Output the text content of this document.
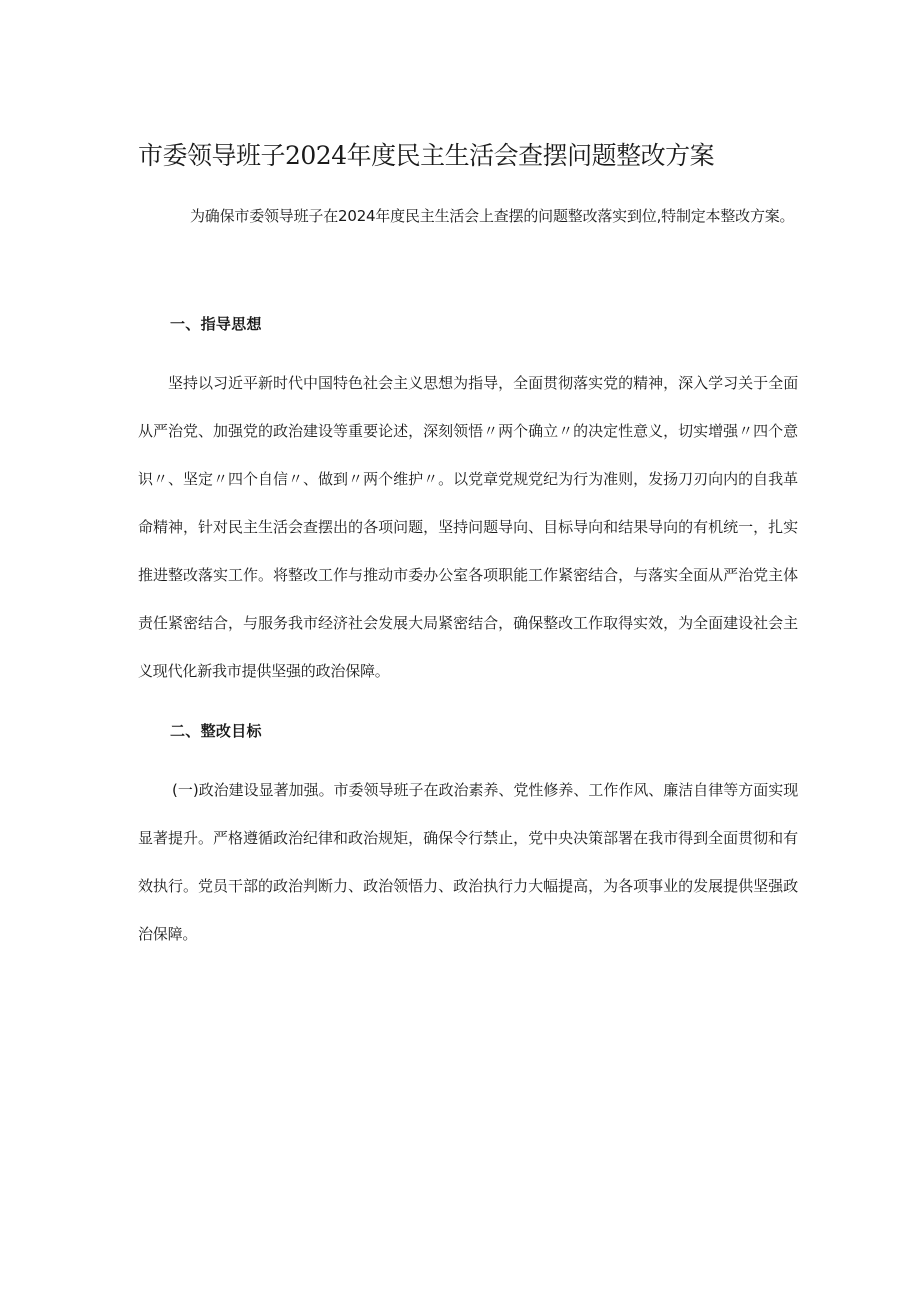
市委领导班子2024年度民主生活会查摆问题整改方案

为确保市委领导班子在2024年度民主生活会上查摆的问题整改落实到位,特制定本整改方案。

一、指导思想

坚持以习近平新时代中国特色社会主义思想为指导，全面贯彻落实党的精神，深入学习关于全面从严治党、加强党的政治建设等重要论述，深刻领悟〃两个确立〃的决定性意义，切实增强〃四个意识〃、坚定〃四个自信〃、做到〃两个维护〃。以党章党规党纪为行为准则，发扬刀刃向内的自我革命精神，针对民主生活会查摆出的各项问题，坚持问题导向、目标导向和结果导向的有机统一，扎实推进整改落实工作。将整改工作与推动市委办公室各项职能工作紧密结合，与落实全面从严治党主体责任紧密结合，与服务我市经济社会发展大局紧密结合，确保整改工作取得实效，为全面建设社会主义现代化新我市提供坚强的政治保障。

二、整改目标

(一)政治建设显著加强。市委领导班子在政治素养、党性修养、工作作风、廉洁自律等方面实现显著提升。严格遵循政治纪律和政治规矩，确保令行禁止，党中央决策部署在我市得到全面贯彻和有效执行。党员干部的政治判断力、政治领悟力、政治执行力大幅提高，为各项事业的发展提供坚强政治保障。
